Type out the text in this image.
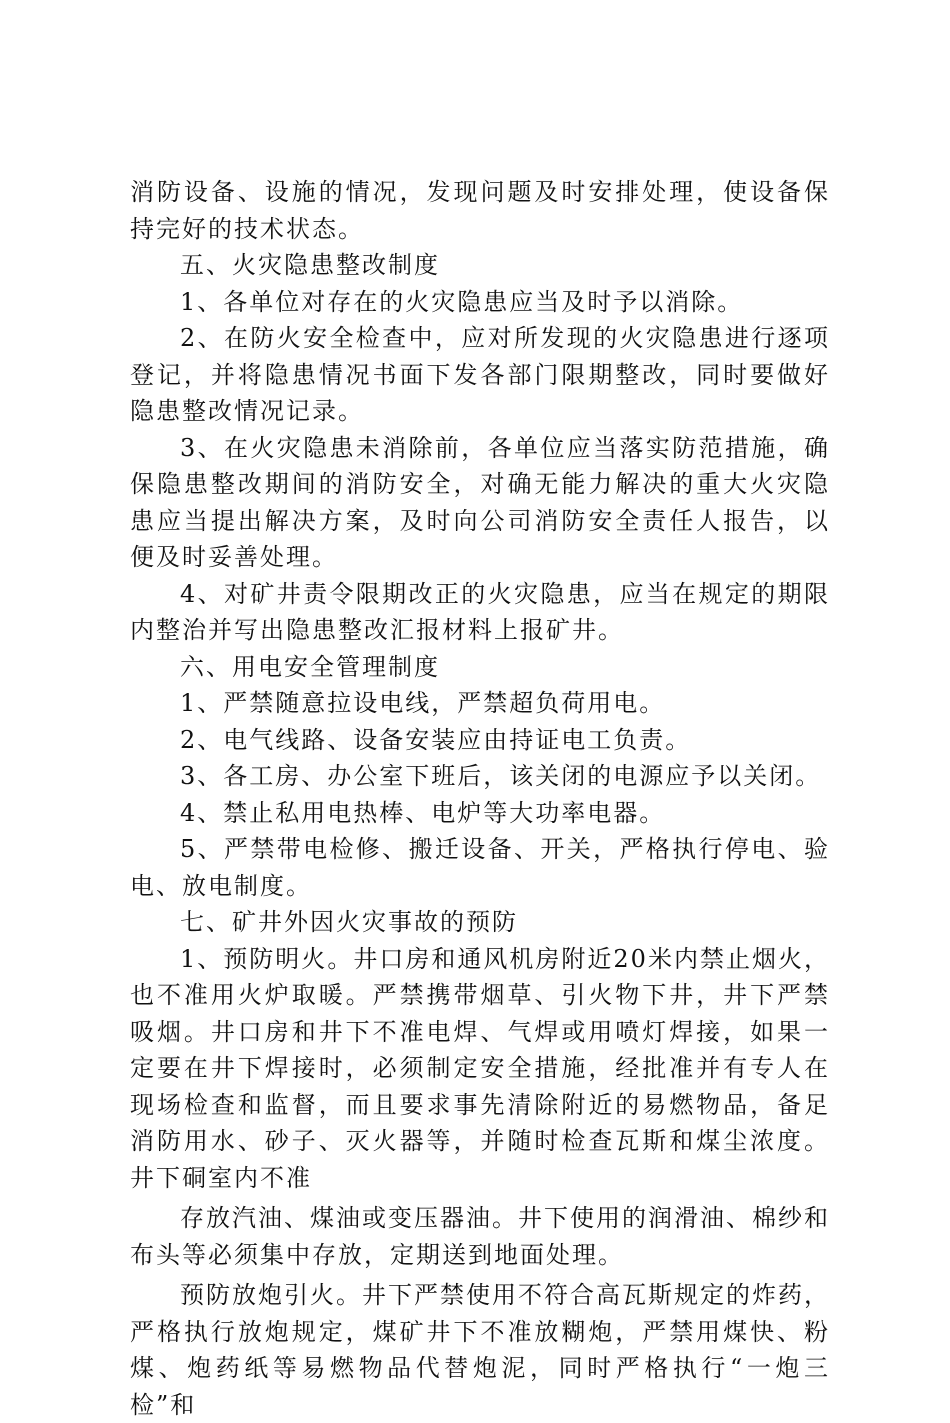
消防设备、设施的情况，发现问题及时安排处理，使设备保持完好的技术状态。

五、火灾隐患整改制度

1、各单位对存在的火灾隐患应当及时予以消除。

2、在防火安全检查中，应对所发现的火灾隐患进行逐项登记，并将隐患情况书面下发各部门限期整改，同时要做好隐患整改情况记录。

3、在火灾隐患未消除前，各单位应当落实防范措施，确保隐患整改期间的消防安全，对确无能力解决的重大火灾隐患应当提出解决方案，及时向公司消防安全责任人报告，以便及时妥善处理。

4、对矿井责令限期改正的火灾隐患，应当在规定的期限内整治并写出隐患整改汇报材料上报矿井。

六、用电安全管理制度

1、严禁随意拉设电线，严禁超负荷用电。

2、电气线路、设备安装应由持证电工负责。

3、各工房、办公室下班后，该关闭的电源应予以关闭。

4、禁止私用电热棒、电炉等大功率电器。

5、严禁带电检修、搬迁设备、开关，严格执行停电、验电、放电制度。

七、矿井外因火灾事故的预防

1、预防明火。井口房和通风机房附近20米内禁止烟火，也不准用火炉取暖。严禁携带烟草、引火物下井，井下严禁吸烟。井口房和井下不准电焊、气焊或用喷灯焊接，如果一定要在井下焊接时，必须制定安全措施，经批准并有专人在现场检查和监督，而且要求事先清除附近的易燃物品，备足消防用水、砂子、灭火器等，并随时检查瓦斯和煤尘浓度。井下硐室内不准

存放汽油、煤油或变压器油。井下使用的润滑油、棉纱和布头等必须集中存放，定期送到地面处理。

预防放炮引火。井下严禁使用不符合高瓦斯规定的炸药，严格执行放炮规定，煤矿井下不准放糊炮，严禁用煤快、粉煤、炮药纸等易燃物品代替炮泥，同时严格执行“一炮三检”和
